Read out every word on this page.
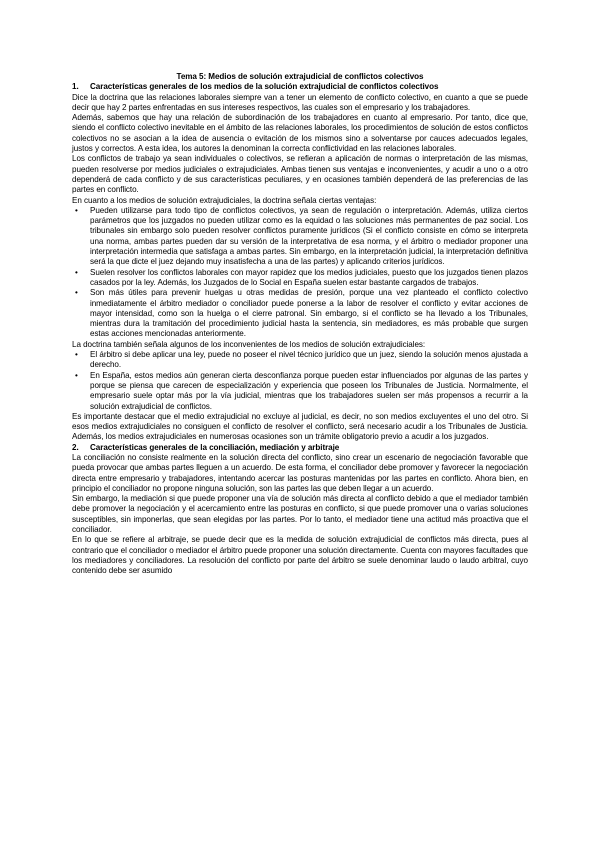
Tema 5: Medios de solución extrajudicial de conflictos colectivos

1.	Características generales de los medios de la solución extrajudicial de conflictos colectivos

Dice la doctrina que las relaciones laborales siempre van a tener un elemento de conflicto colectivo, en cuanto a que se puede decir que hay 2 partes enfrentadas en sus intereses respectivos, las cuales son el empresario y los trabajadores.

Además, sabemos que hay una relación de subordinación de los trabajadores en cuanto al empresario. Por tanto, dice que, siendo el conflicto colectivo inevitable en el ámbito de las relaciones laborales, los procedimientos de solución de estos conflictos colectivos no se asocian a la idea de ausencia o evitación de los mismos sino a solventarse por cauces adecuados legales, justos y correctos. A esta idea, los autores la denominan la correcta conflictividad en las relaciones laborales.

Los conflictos de trabajo ya sean individuales o colectivos, se refieran a aplicación de normas o interpretación de las mismas, pueden resolverse por medios judiciales o extrajudiciales. Ambas tienen sus ventajas e inconvenientes, y acudir a uno o a otro dependerá de cada conflicto y de sus características peculiares, y en ocasiones también dependerá de las preferencias de las partes en conflicto.

En cuanto a los medios de solución extrajudiciales, la doctrina señala ciertas ventajas:

• Pueden utilizarse para todo tipo de conflictos colectivos, ya sean de regulación o interpretación. Además, utiliza ciertos parámetros que los juzgados no pueden utilizar como es la equidad o las soluciones más permanentes de paz social. Los tribunales sin embargo solo pueden resolver conflictos puramente jurídicos (Si el conflicto consiste en cómo se interpreta una norma, ambas partes pueden dar su versión de la interpretativa de esa norma, y el árbitro o mediador proponer una interpretación intermedia que satisfaga a ambas partes. Sin embargo, en la interpretación judicial, la interpretación definitiva será la que dicte el juez dejando muy insatisfecha a una de las partes) y aplicando criterios jurídicos.
• Suelen resolver los conflictos laborales con mayor rapidez que los medios judiciales, puesto que los juzgados tienen plazos casados por la ley. Además, los Juzgados de lo Social en España suelen estar bastante cargados de trabajos.
• Son más útiles para prevenir huelgas u otras medidas de presión, porque una vez planteado el conflicto colectivo inmediatamente el árbitro mediador o conciliador puede ponerse a la labor de resolver el conflicto y evitar acciones de mayor intensidad, como son la huelga o el cierre patronal. Sin embargo, si el conflicto se ha llevado a los Tribunales, mientras dura la tramitación del procedimiento judicial hasta la sentencia, sin mediadores, es más probable que surgen estas acciones mencionadas anteriormente.

La doctrina también señala algunos de los inconvenientes de los medios de solución extrajudiciales:

• El árbitro si debe aplicar una ley, puede no poseer el nivel técnico jurídico que un juez, siendo la solución menos ajustada a derecho.
• En España, estos medios aún generan cierta desconfianza porque pueden estar influenciados por algunas de las partes y porque se piensa que carecen de especialización y experiencia que poseen los Tribunales de Justicia. Normalmente, el empresario suele optar más por la vía judicial, mientras que los trabajadores suelen ser más propensos a recurrir a la solución extrajudicial de conflictos.

Es importante destacar que el medio extrajudicial no excluye al judicial, es decir, no son medios excluyentes el uno del otro. Si esos medios extrajudiciales no consiguen el conflicto de resolver el conflicto, será necesario acudir a los Tribunales de Justicia. Además, los medios extrajudiciales en numerosas ocasiones son un trámite obligatorio previo a acudir a los juzgados.

2.	Características generales de la conciliación, mediación y arbitraje

La conciliación no consiste realmente en la solución directa del conflicto, sino crear un escenario de negociación favorable que pueda provocar que ambas partes lleguen a un acuerdo. De esta forma, el conciliador debe promover y favorecer la negociación directa entre empresario y trabajadores, intentando acercar las posturas mantenidas por las partes en conflicto. Ahora bien, en principio el conciliador no propone ninguna solución, son las partes las que deben llegar a un acuerdo.

Sin embargo, la mediación si que puede proponer una vía de solución más directa al conflicto debido a que el mediador también debe promover la negociación y el acercamiento entre las posturas en conflicto, si que puede promover una o varias soluciones susceptibles, sin imponerlas, que sean elegidas por las partes. Por lo tanto, el mediador tiene una actitud más proactiva que el conciliador.

En lo que se refiere al arbitraje, se puede decir que es la medida de solución extrajudicial de conflictos más directa, pues al contrario que el conciliador o mediador el árbitro puede proponer una solución directamente. Cuenta con mayores facultades que los mediadores y conciliadores. La resolución del conflicto por parte del árbitro se suele denominar laudo o laudo arbitral, cuyo contenido debe ser asumido
